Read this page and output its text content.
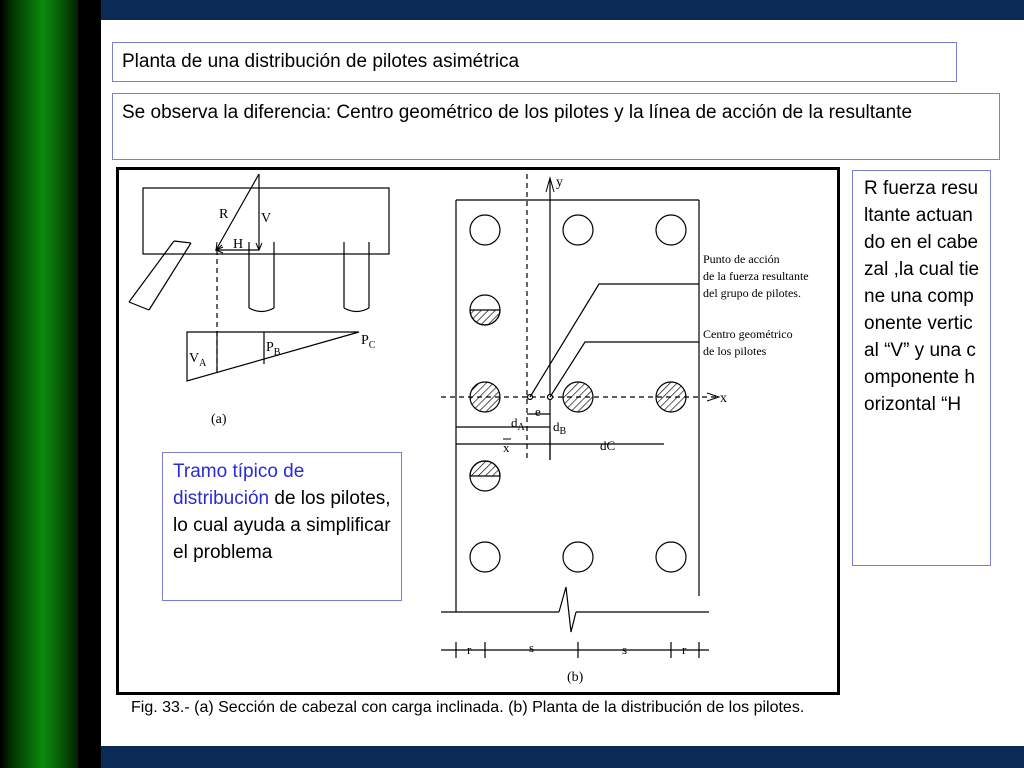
Planta de una distribución de pilotes asimétrica
Se observa la diferencia: Centro geométrico de los pilotes y la línea de acción de la resultante
R V
H
$V_A$
$P_B$
$P_C$
(a)
y
x
Punto de acción
de la fuerza resultante
del grupo de pilotes.
Centro geométrico
de los pilotes
$d_A$ $d_B$
e
x	dC
r	s	s	r
(b)
Tramo típico de distribución de los pilotes, lo cual ayuda a simplificar el problema
R fuerza resultante actuando en el cabezal ,la cual tiene una componente vertical “V” y una componente horizontal “H
Fig. 33.- (a) Sección de cabezal con carga inclinada. (b) Planta de la distribución de los pilotes.
